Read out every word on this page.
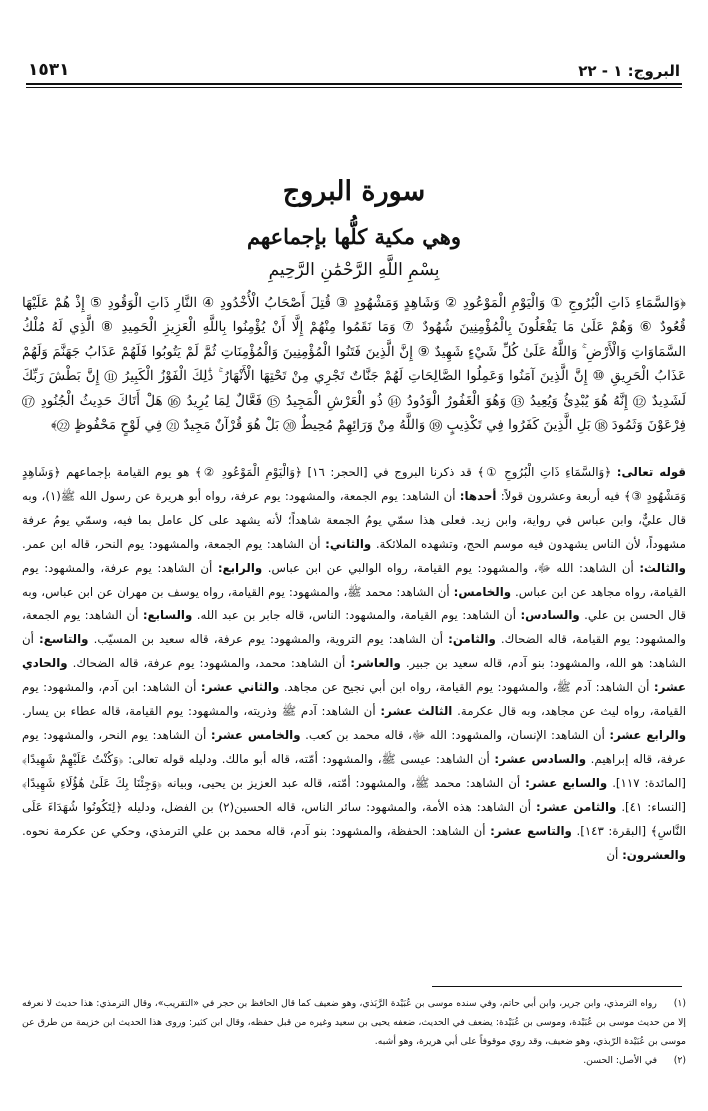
البروج: ١ - ٢٢
١٥٣١
سورة البروج
وهي مكية كلُّها بإجماعهم
بِسْمِ اللَّهِ الرَّحْمَٰنِ الرَّحِيمِ
﴿وَالسَّمَاءِ ذَاتِ الْبُرُوجِ ① وَالْيَوْمِ الْمَوْعُودِ ② وَشَاهِدٍ وَمَشْهُودٍ ③ قُتِلَ أَصْحَابُ الْأُخْدُودِ ④ النَّارِ ذَاتِ الْوَقُودِ ⑤ إِذْ هُمْ عَلَيْهَا قُعُودٌ ⑥ وَهُمْ عَلَىٰ مَا يَفْعَلُونَ بِالْمُؤْمِنِينَ شُهُودٌ ⑦ وَمَا نَقَمُوا مِنْهُمْ إِلَّا أَنْ يُؤْمِنُوا بِاللَّهِ الْعَزِيزِ الْحَمِيدِ ⑧ الَّذِي لَهُ مُلْكُ السَّمَاوَاتِ وَالْأَرْضِ ۚ وَاللَّهُ عَلَىٰ كُلِّ شَيْءٍ شَهِيدٌ ⑨ إِنَّ الَّذِينَ فَتَنُوا الْمُؤْمِنِينَ وَالْمُؤْمِنَاتِ ثُمَّ لَمْ يَتُوبُوا فَلَهُمْ عَذَابُ جَهَنَّمَ وَلَهُمْ عَذَابُ الْحَرِيقِ ⑩ إِنَّ الَّذِينَ آمَنُوا وَعَمِلُوا الصَّالِحَاتِ لَهُمْ جَنَّاتٌ تَجْرِي مِنْ تَحْتِهَا الْأَنْهَارُ ۚ ذَٰلِكَ الْفَوْزُ الْكَبِيرُ ⑪ إِنَّ بَطْشَ رَبِّكَ لَشَدِيدٌ ⑫ إِنَّهُ هُوَ يُبْدِئُ وَيُعِيدُ ⑬ وَهُوَ الْغَفُورُ الْوَدُودُ ⑭ ذُو الْعَرْشِ الْمَجِيدُ ⑮ فَعَّالٌ لِمَا يُرِيدُ ⑯ هَلْ أَتَاكَ حَدِيثُ الْجُنُودِ ⑰ فِرْعَوْنَ وَثَمُودَ ⑱ بَلِ الَّذِينَ كَفَرُوا فِي تَكْذِيبٍ ⑲ وَاللَّهُ مِنْ وَرَائِهِمْ مُحِيطٌ ⑳ بَلْ هُوَ قُرْآنٌ مَجِيدٌ ㉑ فِي لَوْحٍ مَحْفُوظٍ ㉒﴾

قوله تعالى: ﴿وَالسَّمَاءِ ذَاتِ الْبُرُوجِ ①﴾ قد ذكرنا البروج في [الحجر: ١٦] ﴿وَالْيَوْمِ الْمَوْعُودِ ②﴾ هو يوم القيامة بإجماعهم ﴿وَشَاهِدٍ وَمَشْهُودٍ ③﴾ فيه أربعة وعشرون قولاً: أحدها: أن الشاهد: يوم الجمعة، والمشهود: يوم عرفة، رواه أبو هريرة عن رسول الله ﷺ(١)، وبه قال عليٌّ، وابن عباس في رواية، وابن زيد. فعلى هذا سمّي يومُ الجمعة شاهداً؛ لأنه يشهد على كل عامل بما فيه، وسمّي يومُ عرفة مشهوداً، لأن الناس يشهدون فيه موسم الحج، وتشهده الملائكة. والثاني: أن الشاهد: يوم الجمعة، والمشهود: يوم النحر، قاله ابن عمر. والثالث: أن الشاهد: الله ﷻ، والمشهود: يوم القيامة، رواه الوالبي عن ابن عباس. والرابع: أن الشاهد: يوم عرفة، والمشهود: يوم القيامة، رواه مجاهد عن ابن عباس. والخامس: أن الشاهد: محمد ﷺ، والمشهود: يوم القيامة، رواه يوسف بن مهران عن ابن عباس، وبه قال الحسن بن علي. والسادس: أن الشاهد: يوم القيامة، والمشهود: الناس، قاله جابر بن عبد الله. والسابع: أن الشاهد: يوم الجمعة، والمشهود: يوم القيامة، قاله الضحاك. والثامن: أن الشاهد: يوم التروية، والمشهود: يوم عرفة، قاله سعيد بن المسيّب. والتاسع: أن الشاهد: هو الله، والمشهود: بنو آدم، قاله سعيد بن جبير. والعاشر: أن الشاهد: محمد، والمشهود: يوم عرفة، قاله الضحاك. والحادي عشر: أن الشاهد: آدم ﷺ، والمشهود: يوم القيامة، رواه ابن أبي نجيح عن مجاهد. والثاني عشر: أن الشاهد: ابن آدم، والمشهود: يوم القيامة، رواه ليث عن مجاهد، وبه قال عكرمة. الثالث عشر: أن الشاهد: آدم ﷺ وذريته، والمشهود: يوم القيامة، قاله عطاء بن يسار. والرابع عشر: أن الشاهد: الإنسان، والمشهود: الله ﷻ، قاله محمد بن كعب. والخامس عشر: أن الشاهد: يوم النحر، والمشهود: يوم عرفة، قاله إبراهيم. والسادس عشر: أن الشاهد: عيسى ﷺ، والمشهود: أمّته، قاله أبو مالك. ودليله قوله تعالى: ﴿وَكُنْتُ عَلَيْهِمْ شَهِيدًا﴾ [المائدة: ١١٧]. والسابع عشر: أن الشاهد: محمد ﷺ، والمشهود: أمّته، قاله عبد العزيز بن يحيى، وبيانه ﴿وَجِئْنَا بِكَ عَلَىٰ هَٰؤُلَاءِ شَهِيدًا﴾ [النساء: ٤١]. والثامن عشر: أن الشاهد: هذه الأمة، والمشهود: سائر الناس، قاله الحسين(٢) بن الفضل، ودليله ﴿لِتَكُونُوا شُهَدَاءَ عَلَى النَّاسِ﴾ [البقرة: ١٤٣]. والتاسع عشر: أن الشاهد: الحفظة، والمشهود: بنو آدم، قاله محمد بن علي الترمذي، وحكي عن عكرمة نحوه. والعشرون: أن

(١) رواه الترمذي، وابن جرير، وابن أبي حاتم، وفي سنده موسى بن عُبَيْدة الرَّبَذي، وهو ضعيف كما قال الحافظ بن حجر في «التقريب»، وقال الترمذي: هذا حديث لا نعرفه إلا من حديث موسى بن عُبَيْدة، وموسى بن عُبَيْدة: يضعف في الحديث، ضعفه يحيى بن سعيد وغيره من قبل حفظه، وقال ابن كثير: وروى هذا الحديث ابن خزيمة من طرق عن موسى بن عُبَيْدة الرّبذي، وهو ضعيف، وقد روي موقوفاً على أبي هريرة، وهو أشبه.

(٢) في الأصل: الحسن.
